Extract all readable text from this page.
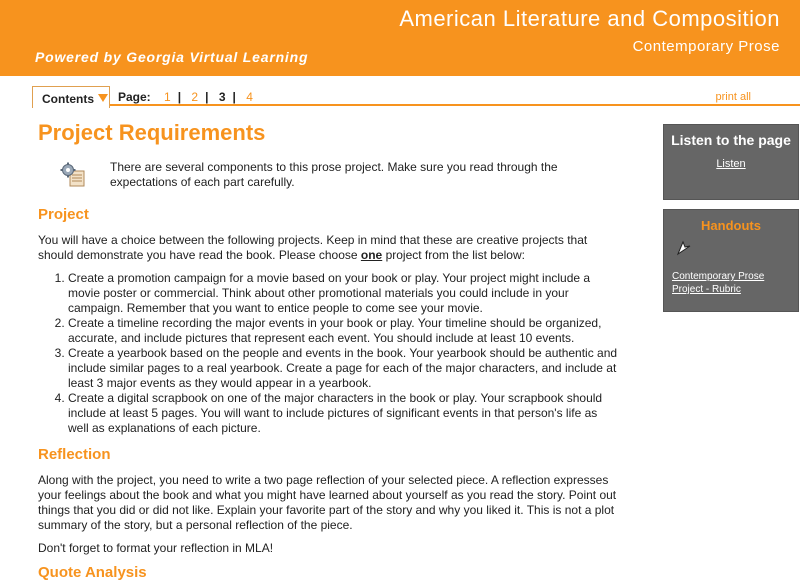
American Literature and Composition
Contemporary Prose
Powered by Georgia Virtual Learning
Contents Page: 1 | 2 | 3 | 4	print all
Project Requirements
There are several components to this prose project. Make sure you read through the expectations of each part carefully.
Project

You will have a choice between the following projects. Keep in mind that these are creative projects that should demonstrate you have read the book. Please choose one project from the list below:

1. Create a promotion campaign for a movie based on your book or play. Your project might include a movie poster or commercial. Think about other promotional materials you could include in your campaign. Remember that you want to entice people to come see your movie.
2. Create a timeline recording the major events in your book or play. Your timeline should be organized, accurate, and include pictures that represent each event. You should include at least 10 events.
3. Create a yearbook based on the people and events in the book. Your yearbook should be authentic and include similar pages to a real yearbook. Create a page for each of the major characters, and include at least 3 major events as they would appear in a yearbook.
4. Create a digital scrapbook on one of the major characters in the book or play. Your scrapbook should include at least 5 pages. You will want to include pictures of significant events in that person's life as well as explanations of each picture.
Reflection

Along with the project, you need to write a two page reflection of your selected piece. A reflection expresses your feelings about the book and what you might have learned about yourself as you read the story. Point out things that you did or did not like. Explain your favorite part of the story and why you liked it. This is not a plot summary of the story, but a personal reflection of the piece.

Don't forget to format your reflection in MLA!

Quote Analysis
Listen to the page
Listen
Handouts
Contemporary Prose Project - Rubric
